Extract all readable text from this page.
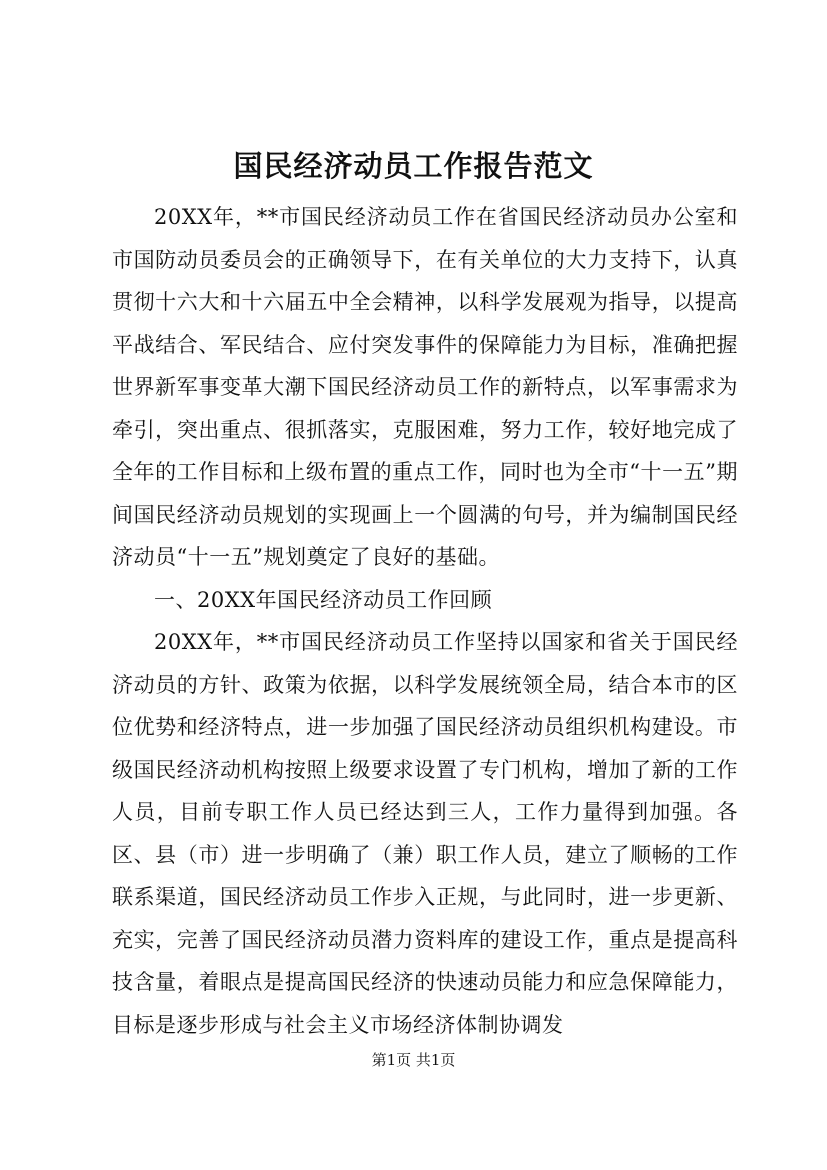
国民经济动员工作报告范文

20XX年，**市国民经济动员工作在省国民经济动员办公室和市国防动员委员会的正确领导下，在有关单位的大力支持下，认真贯彻十六大和十六届五中全会精神，以科学发展观为指导，以提高平战结合、军民结合、应付突发事件的保障能力为目标，准确把握世界新军事变革大潮下国民经济动员工作的新特点，以军事需求为牵引，突出重点、很抓落实，克服困难，努力工作，较好地完成了全年的工作目标和上级布置的重点工作，同时也为全市“十一五”期间国民经济动员规划的实现画上一个圆满的句号，并为编制国民经济动员“十一五”规划奠定了良好的基础。

一、20XX年国民经济动员工作回顾

20XX年，**市国民经济动员工作坚持以国家和省关于国民经济动员的方针、政策为依据，以科学发展统领全局，结合本市的区位优势和经济特点，进一步加强了国民经济动员组织机构建设。市级国民经济动机构按照上级要求设置了专门机构，增加了新的工作人员，目前专职工作人员已经达到三人，工作力量得到加强。各区、县（市）进一步明确了（兼）职工作人员，建立了顺畅的工作联系渠道，国民经济动员工作步入正规，与此同时，进一步更新、充实，完善了国民经济动员潜力资料库的建设工作，重点是提高科技含量，着眼点是提高国民经济的快速动员能力和应急保障能力，目标是逐步形成与社会主义市场经济体制协调发

第1页 共1页
